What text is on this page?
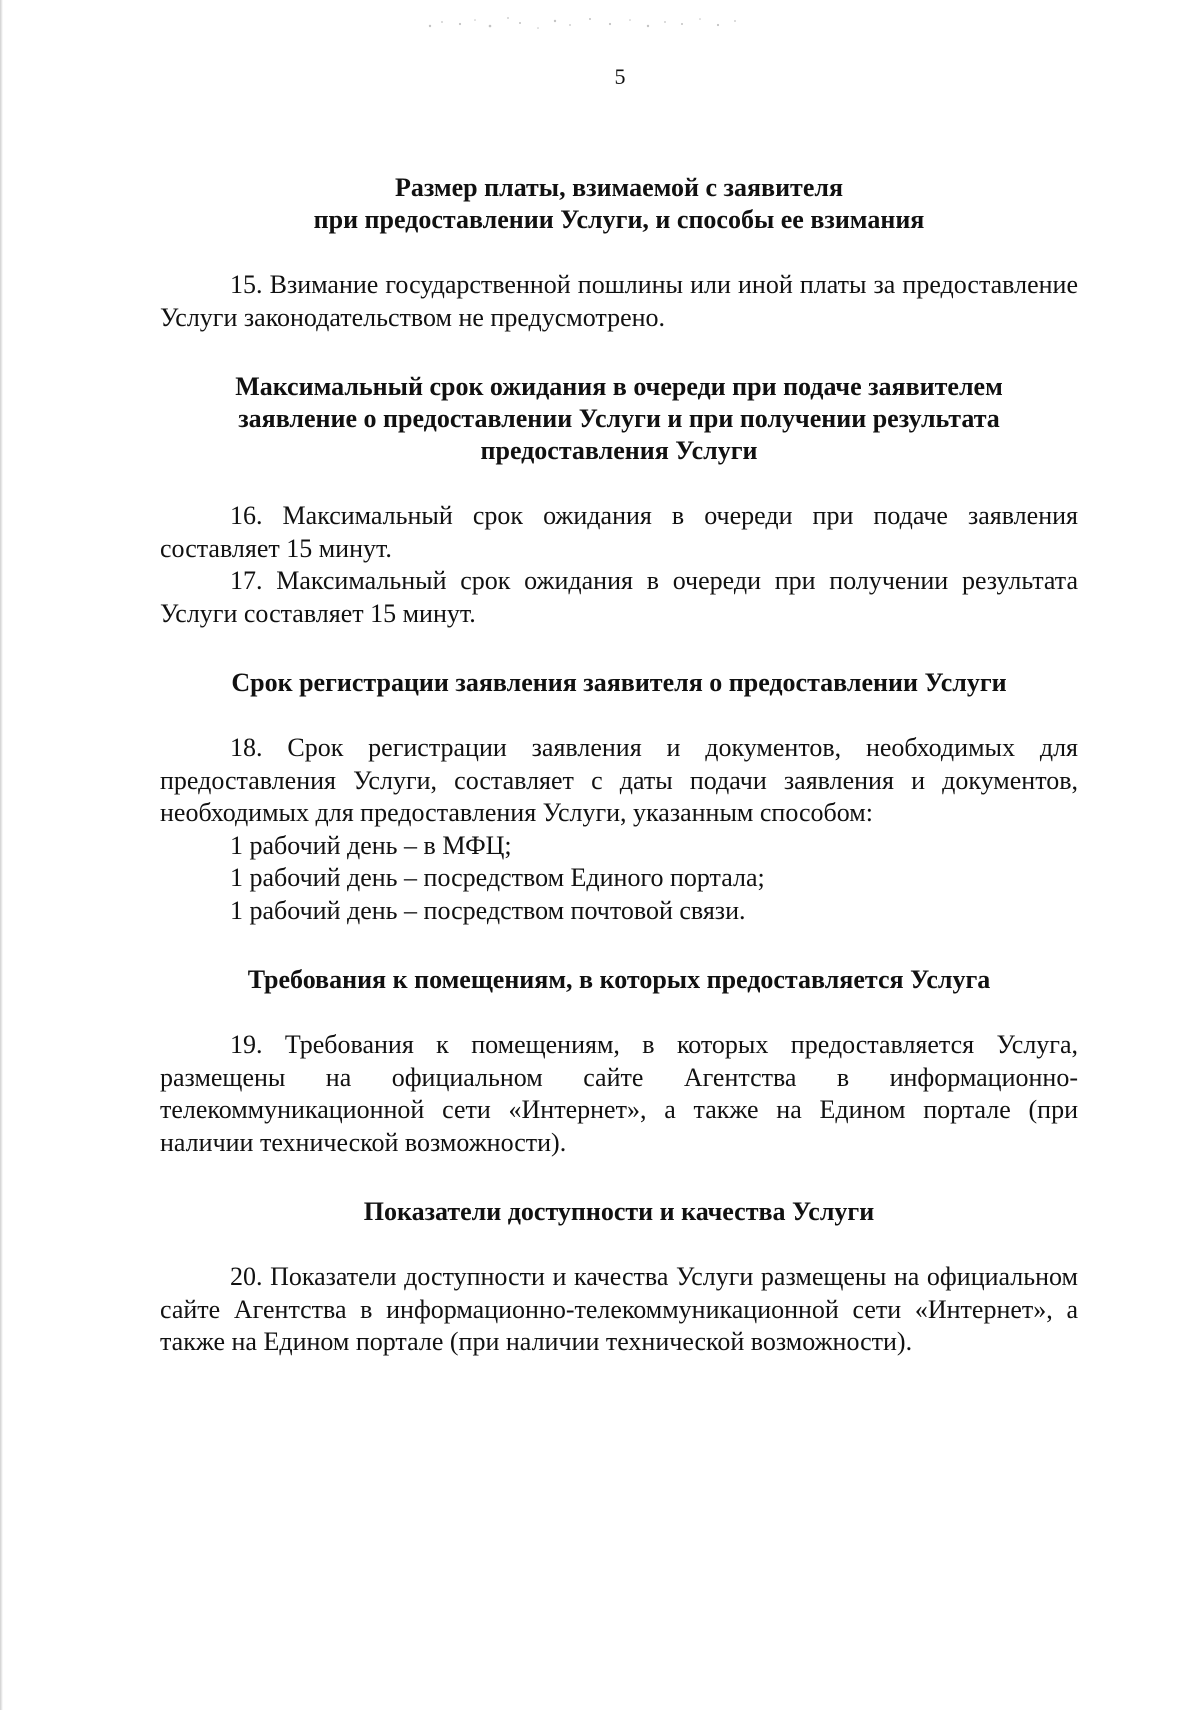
5
Размер платы, взимаемой с заявителя
при предоставлении Услуги, и способы ее взимания

15. Взимание государственной пошлины или иной платы за предоставление Услуги законодательством не предусмотрено.

Максимальный срок ожидания в очереди при подаче заявителем
заявление о предоставлении Услуги и при получении результата
предоставления Услуги

16. Максимальный срок ожидания в очереди при подаче заявления составляет 15 минут.

17. Максимальный срок ожидания в очереди при получении результата Услуги составляет 15 минут.

Срок регистрации заявления заявителя о предоставлении Услуги

18. Срок регистрации заявления и документов, необходимых для предоставления Услуги, составляет с даты подачи заявления и документов, необходимых для предоставления Услуги, указанным способом:

1 рабочий день – в МФЦ;

1 рабочий день – посредством Единого портала;

1 рабочий день – посредством почтовой связи.

Требования к помещениям, в которых предоставляется Услуга

19. Требования к помещениям, в которых предоставляется Услуга, размещены на официальном сайте Агентства в информационно-телекоммуникационной сети «Интернет», а также на Едином портале (при наличии технической возможности).

Показатели доступности и качества Услуги

20. Показатели доступности и качества Услуги размещены на официальном сайте Агентства в информационно-телекоммуникационной сети «Интернет», а также на Едином портале (при наличии технической возможности).
